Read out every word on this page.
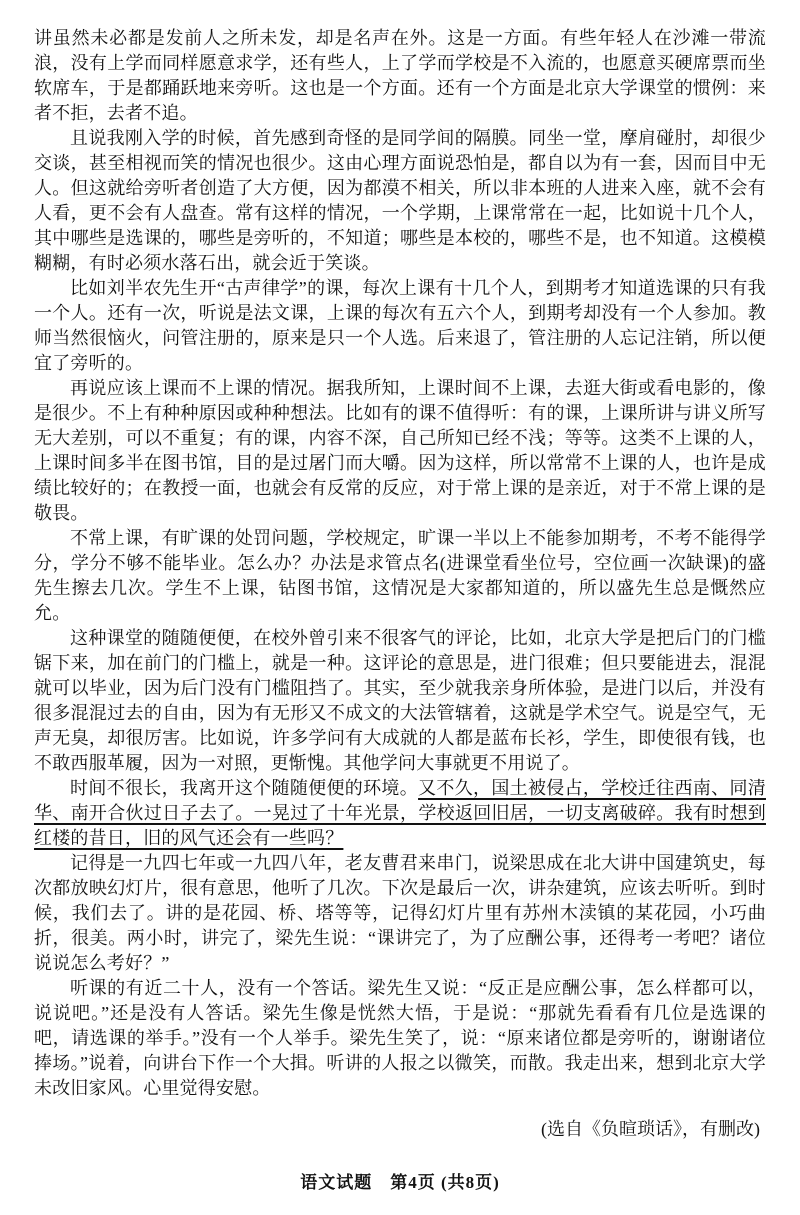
讲虽然未必都是发前人之所未发，却是名声在外。这是一方面。有些年轻人在沙滩一带流浪，没有上学而同样愿意求学，还有些人，上了学而学校是不入流的，也愿意买硬席票而坐软席车，于是都踊跃地来旁听。这也是一个方面。还有一个方面是北京大学课堂的惯例：来者不拒，去者不追。

且说我刚入学的时候，首先感到奇怪的是同学间的隔膜。同坐一堂，摩肩碰肘，却很少交谈，甚至相视而笑的情况也很少。这由心理方面说恐怕是，都自以为有一套，因而目中无人。但这就给旁听者创造了大方便，因为都漠不相关，所以非本班的人进来入座，就不会有人看，更不会有人盘查。常有这样的情况，一个学期，上课常常在一起，比如说十几个人，其中哪些是选课的，哪些是旁听的，不知道；哪些是本校的，哪些不是，也不知道。这模模糊糊，有时必须水落石出，就会近于笑谈。

比如刘半农先生开“古声律学”的课，每次上课有十几个人，到期考才知道选课的只有我一个人。还有一次，听说是法文课，上课的每次有五六个人，到期考却没有一个人参加。教师当然很恼火，问管注册的，原来是只一个人选。后来退了，管注册的人忘记注销，所以便宜了旁听的。

再说应该上课而不上课的情况。据我所知，上课时间不上课，去逛大街或看电影的，像是很少。不上有种种原因或种种想法。比如有的课不值得听：有的课，上课所讲与讲义所写无大差别，可以不重复；有的课，内容不深，自己所知已经不浅；等等。这类不上课的人，上课时间多半在图书馆，目的是过屠门而大嚼。因为这样，所以常常不上课的人，也许是成绩比较好的；在教授一面，也就会有反常的反应，对于常上课的是亲近，对于不常上课的是敬畏。

不常上课，有旷课的处罚问题，学校规定，旷课一半以上不能参加期考，不考不能得学分，学分不够不能毕业。怎么办？办法是求管点名(进课堂看坐位号，空位画一次缺课)的盛先生擦去几次。学生不上课，钻图书馆，这情况是大家都知道的，所以盛先生总是慨然应允。

这种课堂的随随便便，在校外曾引来不很客气的评论，比如，北京大学是把后门的门槛锯下来，加在前门的门槛上，就是一种。这评论的意思是，进门很难；但只要能进去，混混就可以毕业，因为后门没有门槛阻挡了。其实，至少就我亲身所体验，是进门以后，并没有很多混混过去的自由，因为有无形又不成文的大法管辖着，这就是学术空气。说是空气，无声无臭，却很厉害。比如说，许多学问有大成就的人都是蓝布长衫，学生，即使很有钱，也不敢西服革履，因为一对照，更惭愧。其他学问大事就更不用说了。

时间不很长，我离开这个随随便便的环境。又不久，国土被侵占，学校迁往西南、同清华、南开合伙过日子去了。一晃过了十年光景，学校返回旧居，一切支离破碎。我有时想到红楼的昔日，旧的风气还会有一些吗？

记得是一九四七年或一九四八年，老友曹君来串门，说梁思成在北大讲中国建筑史，每次都放映幻灯片，很有意思，他听了几次。下次是最后一次，讲杂建筑，应该去听听。到时候，我们去了。讲的是花园、桥、塔等等，记得幻灯片里有苏州木渎镇的某花园，小巧曲折，很美。两小时，讲完了，梁先生说：“课讲完了，为了应酬公事，还得考一考吧？诸位说说怎么考好？”

听课的有近二十人，没有一个答话。梁先生又说：“反正是应酬公事，怎么样都可以，说说吧。”还是没有人答话。梁先生像是恍然大悟，于是说：“那就先看看有几位是选课的吧，请选课的举手。”没有一个人举手。梁先生笑了，说：“原来诸位都是旁听的，谢谢诸位捧场。”说着，向讲台下作一个大揖。听讲的人报之以微笑，而散。我走出来，想到北京大学未改旧家风。心里觉得安慰。

(选自《负暄琐话》，有删改)
语文试题　第4页 (共8页)
